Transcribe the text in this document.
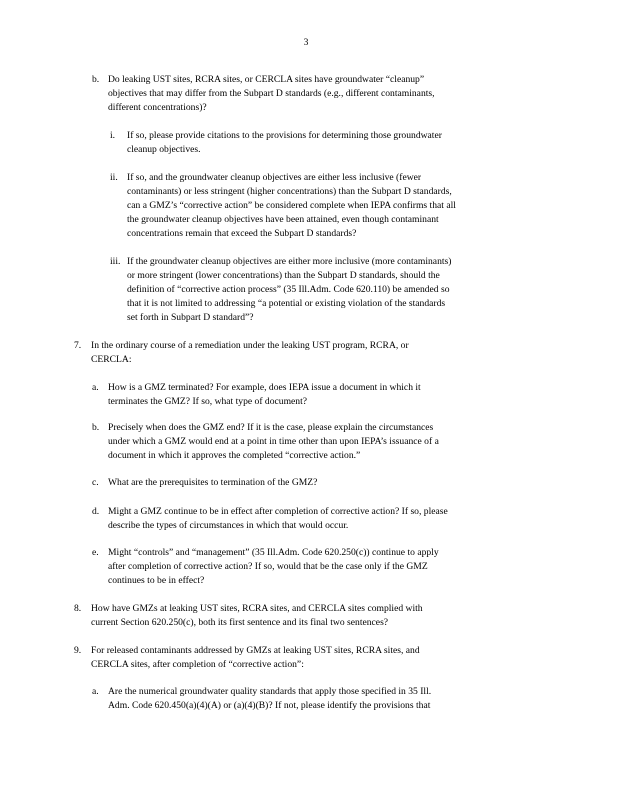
3
b. Do leaking UST sites, RCRA sites, or CERCLA sites have groundwater “cleanup”
objectives that may differ from the Subpart D standards (e.g., different contaminants,
different concentrations)?
i. If so, please provide citations to the provisions for determining those groundwater
cleanup objectives.
ii. If so, and the groundwater cleanup objectives are either less inclusive (fewer
contaminants) or less stringent (higher concentrations) than the Subpart D standards,
can a GMZ’s “corrective action” be considered complete when IEPA confirms that all
the groundwater cleanup objectives have been attained, even though contaminant
concentrations remain that exceed the Subpart D standards?
iii. If the groundwater cleanup objectives are either more inclusive (more contaminants)
or more stringent (lower concentrations) than the Subpart D standards, should the
definition of “corrective action process” (35 Ill.Adm. Code 620.110) be amended so
that it is not limited to addressing “a potential or existing violation of the standards
set forth in Subpart D standard”?
7. In the ordinary course of a remediation under the leaking UST program, RCRA, or
CERCLA:
a. How is a GMZ terminated? For example, does IEPA issue a document in which it
terminates the GMZ? If so, what type of document?
b. Precisely when does the GMZ end? If it is the case, please explain the circumstances
under which a GMZ would end at a point in time other than upon IEPA’s issuance of a
document in which it approves the completed “corrective action.”
c. What are the prerequisites to termination of the GMZ?
d. Might a GMZ continue to be in effect after completion of corrective action? If so, please
describe the types of circumstances in which that would occur.
e. Might “controls” and “management” (35 Ill.Adm. Code 620.250(c)) continue to apply
after completion of corrective action? If so, would that be the case only if the GMZ
continues to be in effect?
8. How have GMZs at leaking UST sites, RCRA sites, and CERCLA sites complied with
current Section 620.250(c), both its first sentence and its final two sentences?
9. For released contaminants addressed by GMZs at leaking UST sites, RCRA sites, and
CERCLA sites, after completion of “corrective action”:
a. Are the numerical groundwater quality standards that apply those specified in 35 Ill.
Adm. Code 620.450(a)(4)(A) or (a)(4)(B)? If not, please identify the provisions that
